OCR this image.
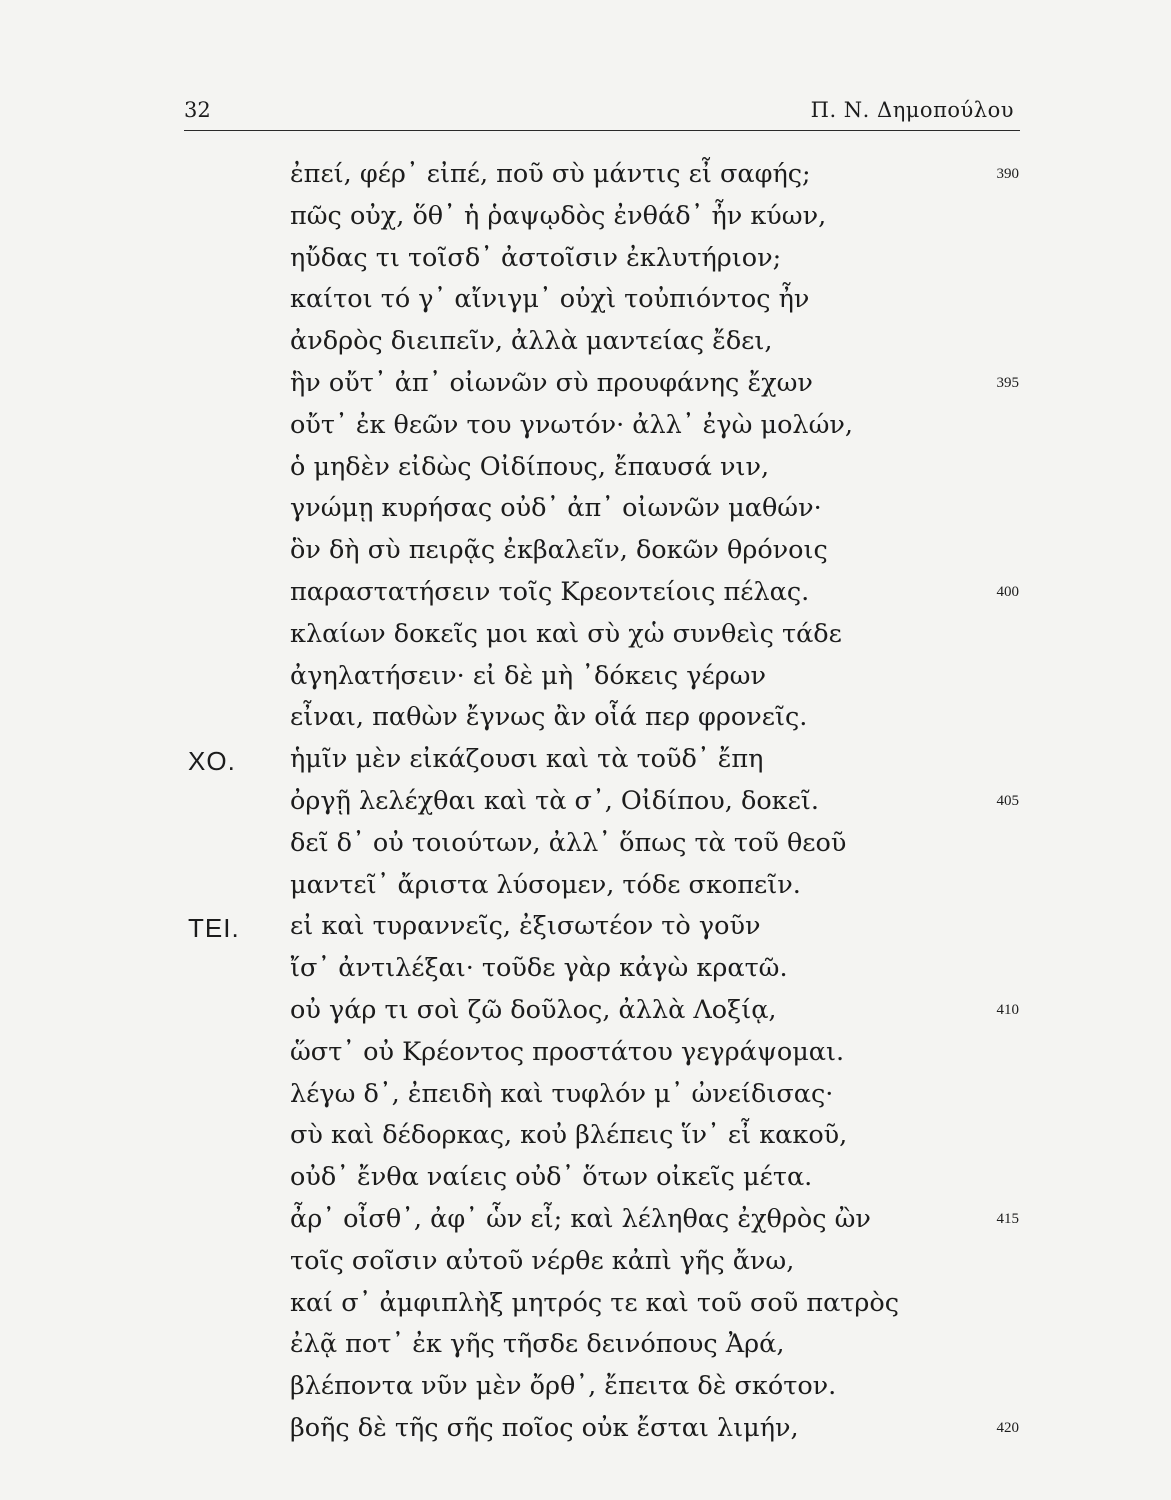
32	Π. Ν. Δημοπούλου
ἐπεί, φέρ᾽ εἰπέ, ποῦ σὺ μάντις εἶ σαφής;	390
πῶς οὐχ, ὅθ᾽ ἡ ῥαψῳδὸς ἐνθάδ᾽ ἦν κύων,
ηὔδας τι τοῖσδ᾽ ἀστοῖσιν ἐκλυτήριον;
καίτοι τό γ᾽ αἴνιγμ᾽ οὐχὶ τοὐπιόντος ἦν
ἀνδρὸς διειπεῖν, ἀλλὰ μαντείας ἔδει,
ἣν οὔτ᾽ ἀπ᾽ οἰωνῶν σὺ προυφάνης ἔχων	395
οὔτ᾽ ἐκ θεῶν του γνωτόν· ἀλλ᾽ ἐγὼ μολών,
ὁ μηδὲν εἰδὼς Οἰδίπους, ἔπαυσά νιν,
γνώμῃ κυρήσας οὐδ᾽ ἀπ᾽ οἰωνῶν μαθών·
ὃν δὴ σὺ πειρᾷς ἐκβαλεῖν, δοκῶν θρόνοις
παραστατήσειν τοῖς Κρεοντείοις πέλας.	400
κλαίων δοκεῖς μοι καὶ σὺ χὡ συνθεὶς τάδε
ἀγηλατήσειν· εἰ δὲ μὴ ᾽δόκεις γέρων
εἶναι, παθὼν ἔγνως ἂν οἷά περ φρονεῖς.
ΧΟ. ἡμῖν μὲν εἰκάζουσι καὶ τὰ τοῦδ᾽ ἔπη
ὀργῇ λελέχθαι καὶ τὰ σ᾽, Οἰδίπου, δοκεῖ.	405
δεῖ δ᾽ οὐ τοιούτων, ἀλλ᾽ ὅπως τὰ τοῦ θεοῦ
μαντεῖ᾽ ἄριστα λύσομεν, τόδε σκοπεῖν.
ΤΕΙ. εἰ καὶ τυραννεῖς, ἐξισωτέον τὸ γοῦν
ἴσ᾽ ἀντιλέξαι· τοῦδε γὰρ κἀγὼ κρατῶ.
οὐ γάρ τι σοὶ ζῶ δοῦλος, ἀλλὰ Λοξίᾳ,	410
ὥστ᾽ οὐ Κρέοντος προστάτου γεγράψομαι.
λέγω δ᾽, ἐπειδὴ καὶ τυφλόν μ᾽ ὠνείδισας·
σὺ καὶ δέδορκας, κοὐ βλέπεις ἵν᾽ εἶ κακοῦ,
οὐδ᾽ ἔνθα ναίεις οὐδ᾽ ὅτων οἰκεῖς μέτα.
ἆρ᾽ οἶσθ᾽, ἀφ᾽ ὧν εἶ; καὶ λέληθας ἐχθρὸς ὢν	415
τοῖς σοῖσιν αὐτοῦ νέρθε κἀπὶ γῆς ἄνω,
καί σ᾽ ἀμφιπλὴξ μητρός τε καὶ τοῦ σοῦ πατρὸς
ἐλᾷ ποτ᾽ ἐκ γῆς τῆσδε δεινόπους Ἀρά,
βλέποντα νῦν μὲν ὄρθ᾽, ἔπειτα δὲ σκότον.
βοῆς δὲ τῆς σῆς ποῖος οὐκ ἔσται λιμήν,	420
